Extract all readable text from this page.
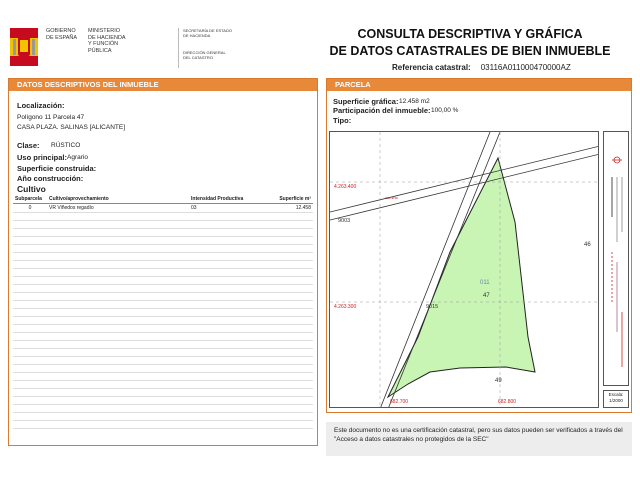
GOBIERNO
DE ESPAÑA
MINISTERIO
DE HACIENDA
Y FUNCIÓN PÚBLICA
SECRETARÍA DE ESTADO
DE HACIENDA
DIRECCIÓN GENERAL
DEL CATASTRO
CONSULTA DESCRIPTIVA Y GRÁFICA
DE DATOS CATASTRALES DE BIEN INMUEBLE
Referencia catastral: 03116A011000470000AZ
DATOS DESCRIPTIVOS DEL INMUEBLE
Localización:
Polígono 11 Parcela 47
CASA PLAZA. SALINAS [ALICANTE]
Clase: RÚSTICO
Uso principal: Agrario
Superficie construida:
Año construcción:
Cultivo
Subparcela	Cultivo/aprovechamiento	Intensidad Productiva	Superficie m²
0	VR Viñedos regadío	03	12.458

PARCELA
Superficie gráfica: 12.458 m2
Participación del inmueble: 100,00 %
Tipo:
4.263.400
4.263.300
682.700	682.800
camino
9003
9015
011
47
46
49
Escala:
1/2000
Este documento no es una certificación catastral, pero sus datos pueden ser verificados a través del "Acceso a datos catastrales no protegidos de la SEC"
